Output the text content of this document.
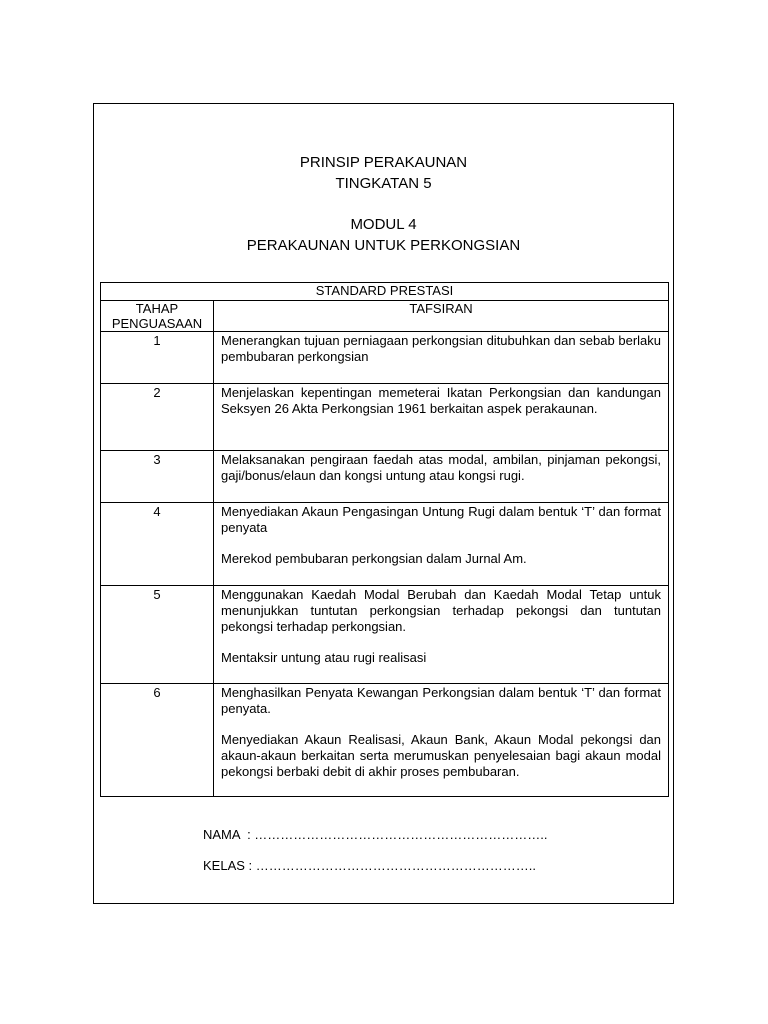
PRINSIP PERAKAUNAN
TINGKATAN 5
MODUL 4
PERAKAUNAN UNTUK PERKONGSIAN
STANDARD PRESTASI	
TAHAP PENGUASAAN	TAFSIRAN
1	Menerangkan tujuan perniagaan perkongsian ditubuhkan dan sebab berlaku pembubaran perkongsian

2	Menjelaskan kepentingan memeterai Ikatan Perkongsian dan kandungan Seksyen 26 Akta Perkongsian 1961 berkaitan aspek perakaunan.

3	Melaksanakan pengiraan faedah atas modal, ambilan, pinjaman pekongsi, gaji/bonus/elaun dan kongsi untung atau kongsi rugi.

4	Menyediakan Akaun Pengasingan Untung Rugi dalam bentuk ‘T’ dan format penyata

Merekod pembubaran perkongsian dalam Jurnal Am.

5	Menggunakan Kaedah Modal Berubah dan Kaedah Modal Tetap untuk menunjukkan tuntutan perkongsian terhadap pekongsi dan tuntutan pekongsi terhadap perkongsian.

Mentaksir untung atau rugi realisasi

6	Menghasilkan Penyata Kewangan Perkongsian dalam bentuk ‘T’ dan format penyata.

Menyediakan Akaun Realisasi, Akaun Bank, Akaun Modal pekongsi dan akaun-akaun berkaitan serta merumuskan penyelesaian bagi akaun modal pekongsi berbaki debit di akhir proses pembubaran.

NAMA  : …………………………………………………………..
KELAS : ………………………………………………………..
